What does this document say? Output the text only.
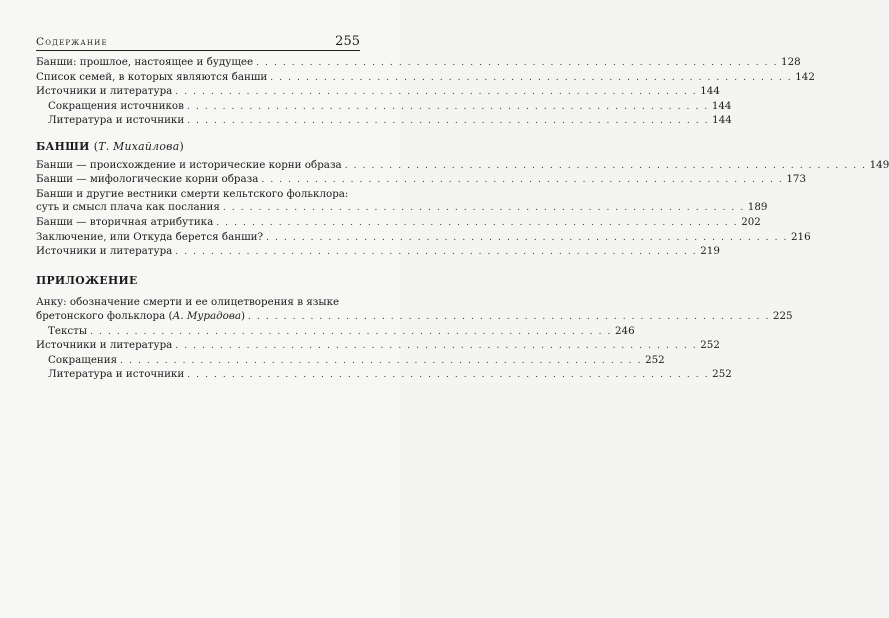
Содержание	255
Банши: прошлое, настоящее и будущее . . .	128
Список семей, в которых являются банши . . .	142
Источники и литература . . .	144
Сокращения источников . . .	144
Литература и источники . . .	144
БАНШИ (Т. Михайлова)
Банши — происхождение и исторические корни образа . . .	149
Банши — мифологические корни образа . . .	173
Банши и другие вестники смерти кельтского фольклора:
суть и смысл плача как послания . . .	189
Банши — вторичная атрибутика . . .	202
Заключение, или Откуда берется банши? . . .	216
Источники и литература . . .	219
ПРИЛОЖЕНИЕ
Анку: обозначение смерти и ее олицетворения в языке
бретонского фольклора (А. Мурадова) . . .	225
Тексты . . .	246
Источники и литература . . .	252
Сокращения . . .	252
Литература и источники . . .	252
